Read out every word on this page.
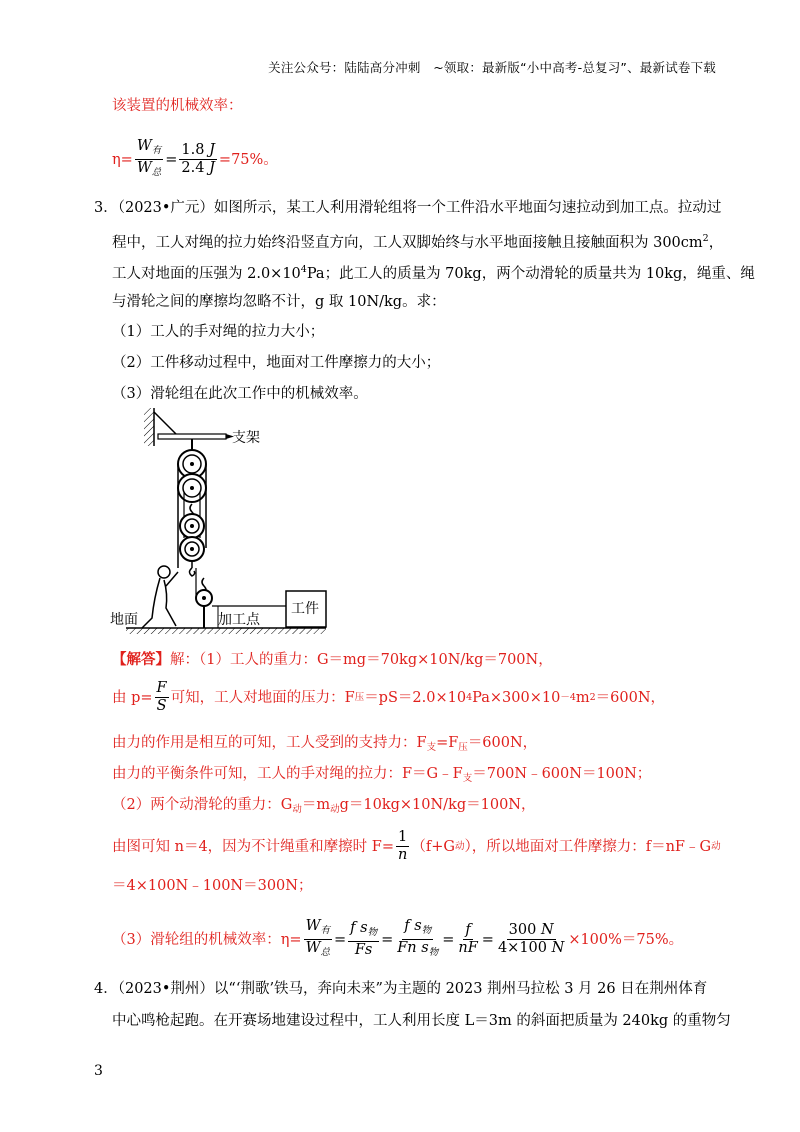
关注公众号：陆陆高分冲刺　~领取：最新版“小中高考-总复习”、最新试卷下载
该装置的机械效率：
$\eta= \frac{W_有}{W_总} = \frac{1.8 J}{2.4 J} =75\%$。
3．（2023•广元）如图所示，某工人利用滑轮组将一个工件沿水平地面匀速拉动到加工点。拉动过
程中，工人对绳的拉力始终沿竖直方向，工人双脚始终与水平地面接触且接触面积为 $300cm^2$，
工人对地面的压强为 $2.0\times 10^4Pa$；此工人的质量为 70kg，两个动滑轮的质量共为 10kg，绳重、绳
与滑轮之间的摩擦均忽略不计，g 取 10N/kg。求：
（1）工人的手对绳的拉力大小；
（2）工件移动过程中，地面对工件摩擦力的大小；
（3）滑轮组在此次工作中的机械效率。
支架
工件
加工点
地面
【解答】解：（1）工人的重力：G＝mg＝70kg×10N/kg＝700N，
由 $p= \frac{F}{S}$ 可知，工人对地面的压力：F 压 ＝pS＝2.0×10 4 Pa×300×10 －4 m 2 ＝600N，
由力的作用是相互的可知，工人受到的支持力：$F_支=F_压=600N$，
由力的平衡条件可知，工人的手对绳的拉力：$F=G﹣F_支=700N﹣600N=100N$；
（2）两个动滑轮的重力：$G_动=m_动g=10kg\times 10N/kg=100N$，
由图可知 n＝4，因为不计绳重和摩擦时 $F= \frac{1}{n} (f+G$ 动 ），所以地面对工件摩擦力：f＝nF﹣G 动
＝4×100N﹣100N＝300N；
（3）滑轮组的机械效率：$\eta= \frac{W_有}{W_总} = \frac{f s_物}{Fs} = \frac{f s_物}{Fn s_物} = \frac{f}{nF} = \frac{300 N}{4\times 100 N} \times 100\%=75\%$。
4．（2023•荆州）以“‘荆歌’铁马，奔向未来”为主题的 2023 荆州马拉松 3 月 26 日在荆州体育
中心鸣枪起跑。在开赛场地建设过程中，工人利用长度 L＝3m 的斜面把质量为 240kg 的重物匀
3
